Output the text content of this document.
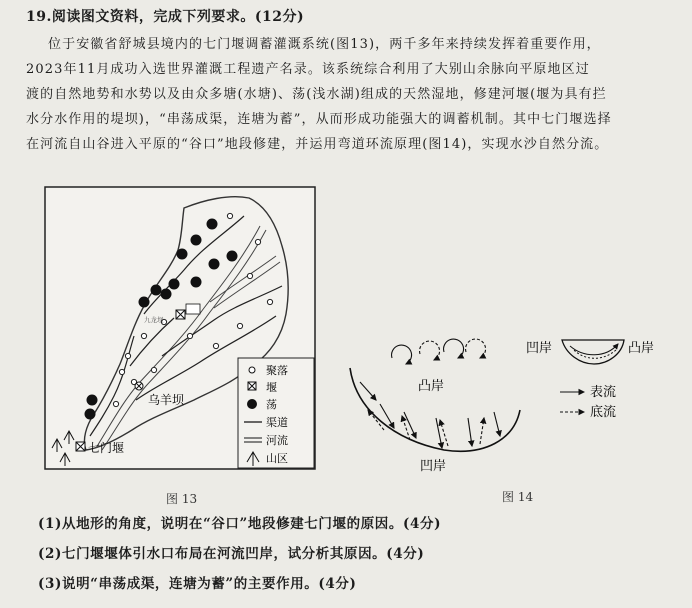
19.阅读图文资料，完成下列要求。(12分)
位于安徽省舒城县境内的七门堰调蓄灌溉系统(图13)，两千多年来持续发挥着重要作用，
2023年11月成功入选世界灌溉工程遗产名录。该系统综合利用了大别山余脉向平原地区过
渡的自然地势和水势以及由众多塘(水塘)、荡(浅水湖)组成的天然湿地，修建河堰(堰为具有拦
水分水作用的堤坝)，“串荡成渠，连塘为蓄”，从而形成功能强大的调蓄机制。其中七门堰选择
在河流自山谷进入平原的“谷口”地段修建，并运用弯道环流原理(图14)，实现水沙自然分流。
九龙坝
乌羊坝
七门堰
聚落
堰
荡
渠道
河流
山区
图 13
凸岸
凹岸
凹岸	凸岸
表流
底流
图 14
(1)从地形的角度，说明在“谷口”地段修建七门堰的原因。(4分)
(2)七门堰堰体引水口布局在河流凹岸，试分析其原因。(4分)
(3)说明“串荡成渠，连塘为蓄”的主要作用。(4分)
